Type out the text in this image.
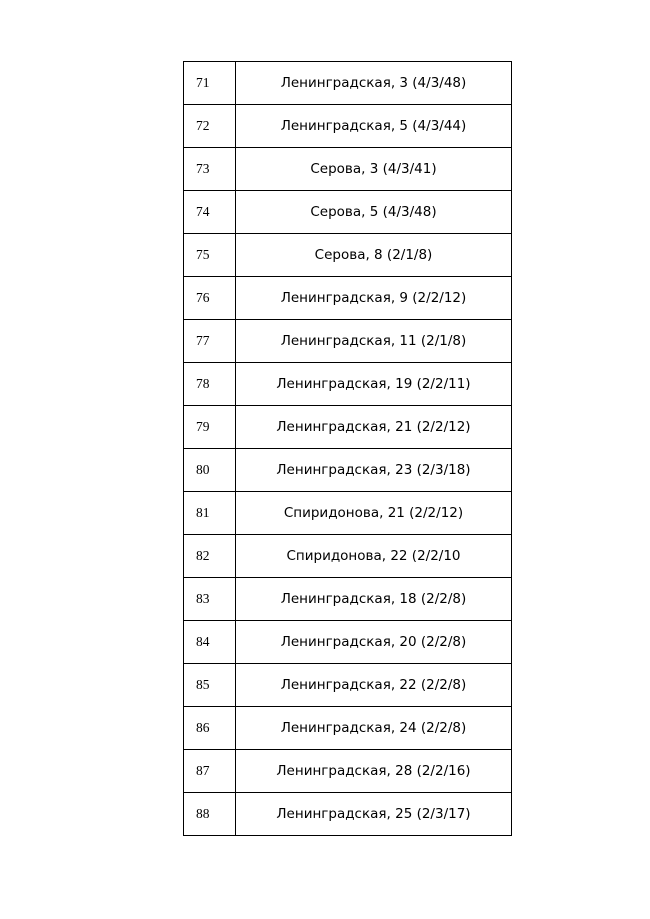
71	Ленинградская, 3 (4/3/48)
72	Ленинградская, 5 (4/3/44)
73	Серова, 3 (4/3/41)
74	Серова, 5 (4/3/48)
75	Серова, 8 (2/1/8)
76	Ленинградская, 9 (2/2/12)
77	Ленинградская, 11 (2/1/8)
78	Ленинградская, 19 (2/2/11)
79	Ленинградская, 21 (2/2/12)
80	Ленинградская, 23 (2/3/18)
81	Спиридонова, 21 (2/2/12)
82	Спиридонова, 22 (2/2/10
83	Ленинградская, 18 (2/2/8)
84	Ленинградская, 20 (2/2/8)
85	Ленинградская, 22 (2/2/8)
86	Ленинградская, 24 (2/2/8)
87	Ленинградская, 28 (2/2/16)
88	Ленинградская, 25 (2/3/17)
